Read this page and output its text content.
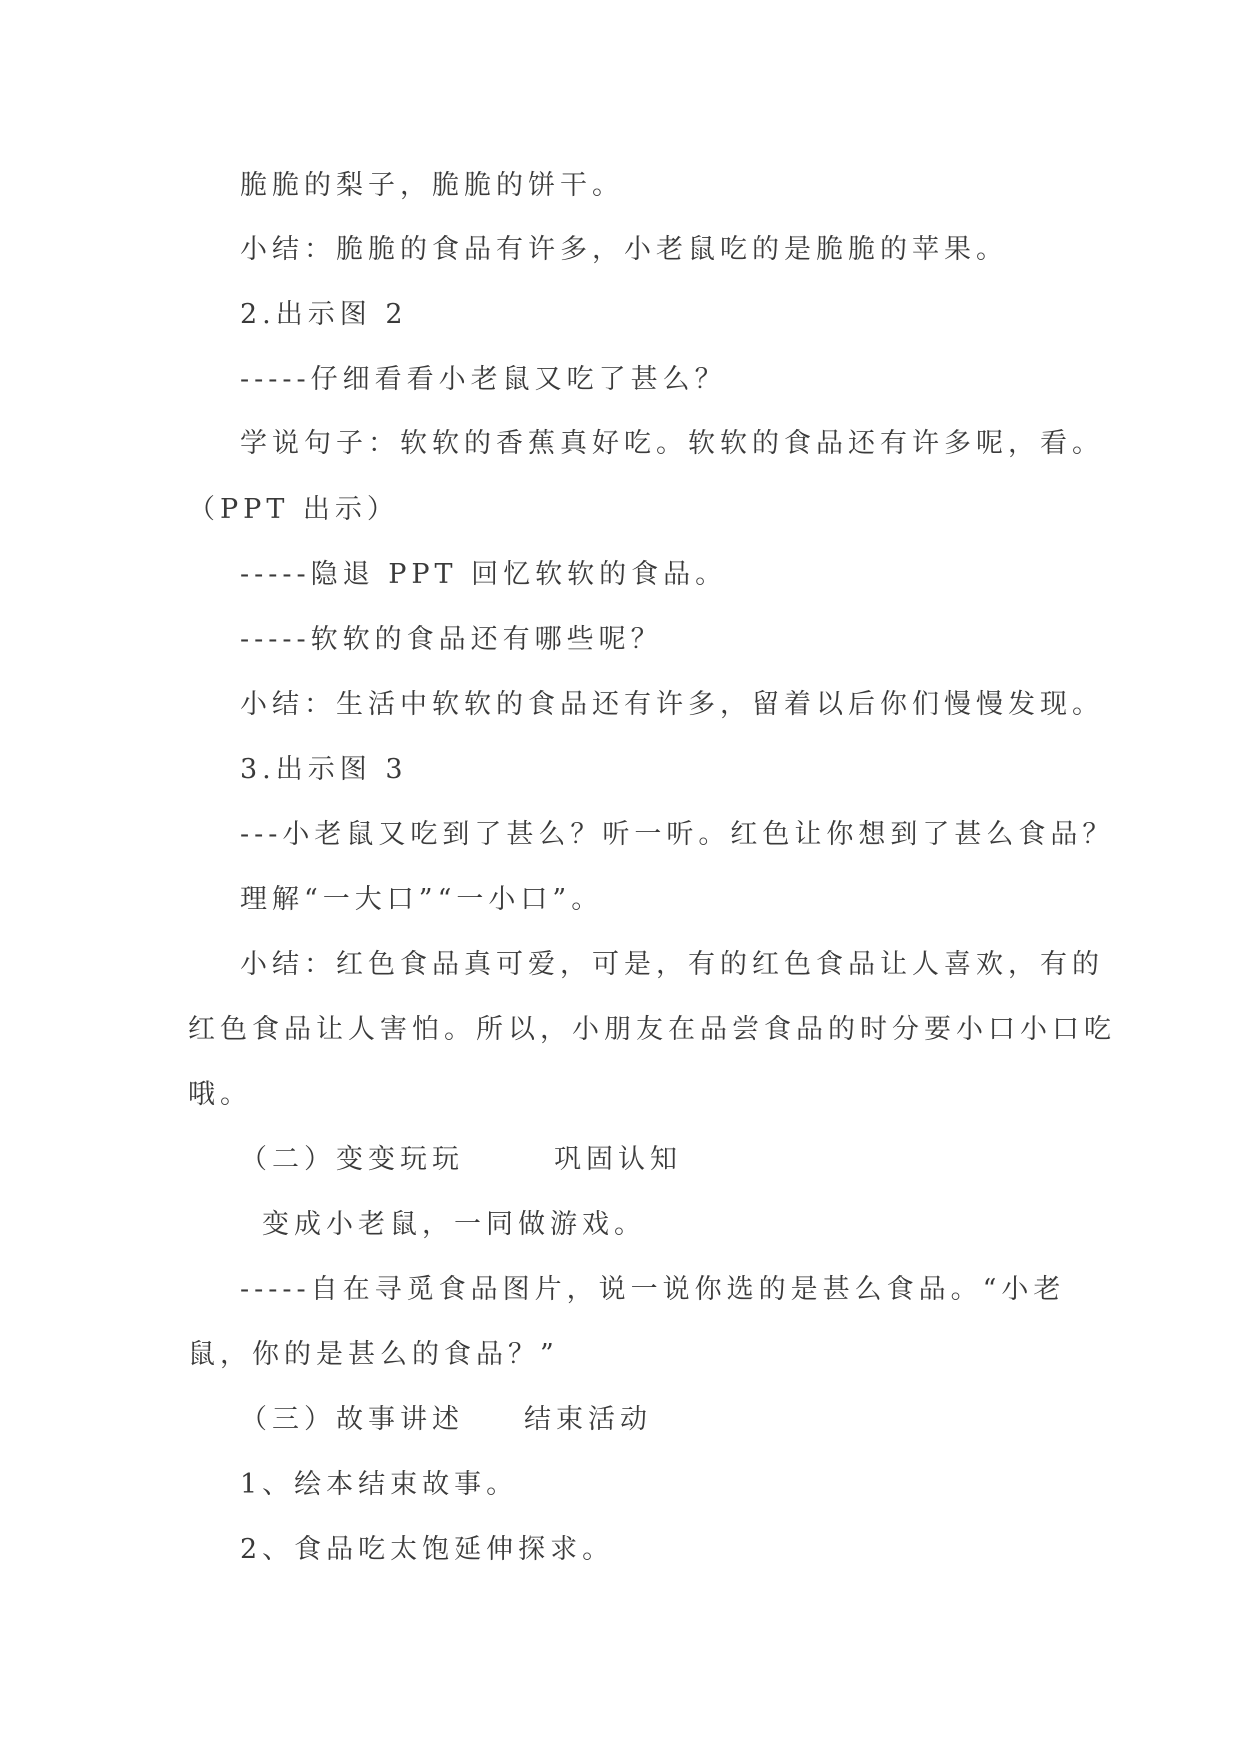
脆脆的梨子，脆脆的饼干。
小结：脆脆的食品有许多，小老鼠吃的是脆脆的苹果。
2.出示图 2
-----仔细看看小老鼠又吃了甚么？
学说句子：软软的香蕉真好吃。软软的食品还有许多呢，看。
（PPT 出示）
-----隐退 PPT 回忆软软的食品。
-----软软的食品还有哪些呢？
小结：生活中软软的食品还有许多，留着以后你们慢慢发现。
3.出示图 3
---小老鼠又吃到了甚么？听一听。红色让你想到了甚么食品？
理解“一大口”“一小口”。
小结：红色食品真可爱，可是，有的红色食品让人喜欢，有的
红色食品让人害怕。所以，小朋友在品尝食品的时分要小口小口吃
哦。
（二）变变玩玩	巩固认知
变成小老鼠，一同做游戏。
-----自在寻觅食品图片，说一说你选的是甚么食品。“小老
鼠，你的是甚么的食品？”
（三）故事讲述 结束活动
1、绘本结束故事。
2、食品吃太饱延伸探求。
